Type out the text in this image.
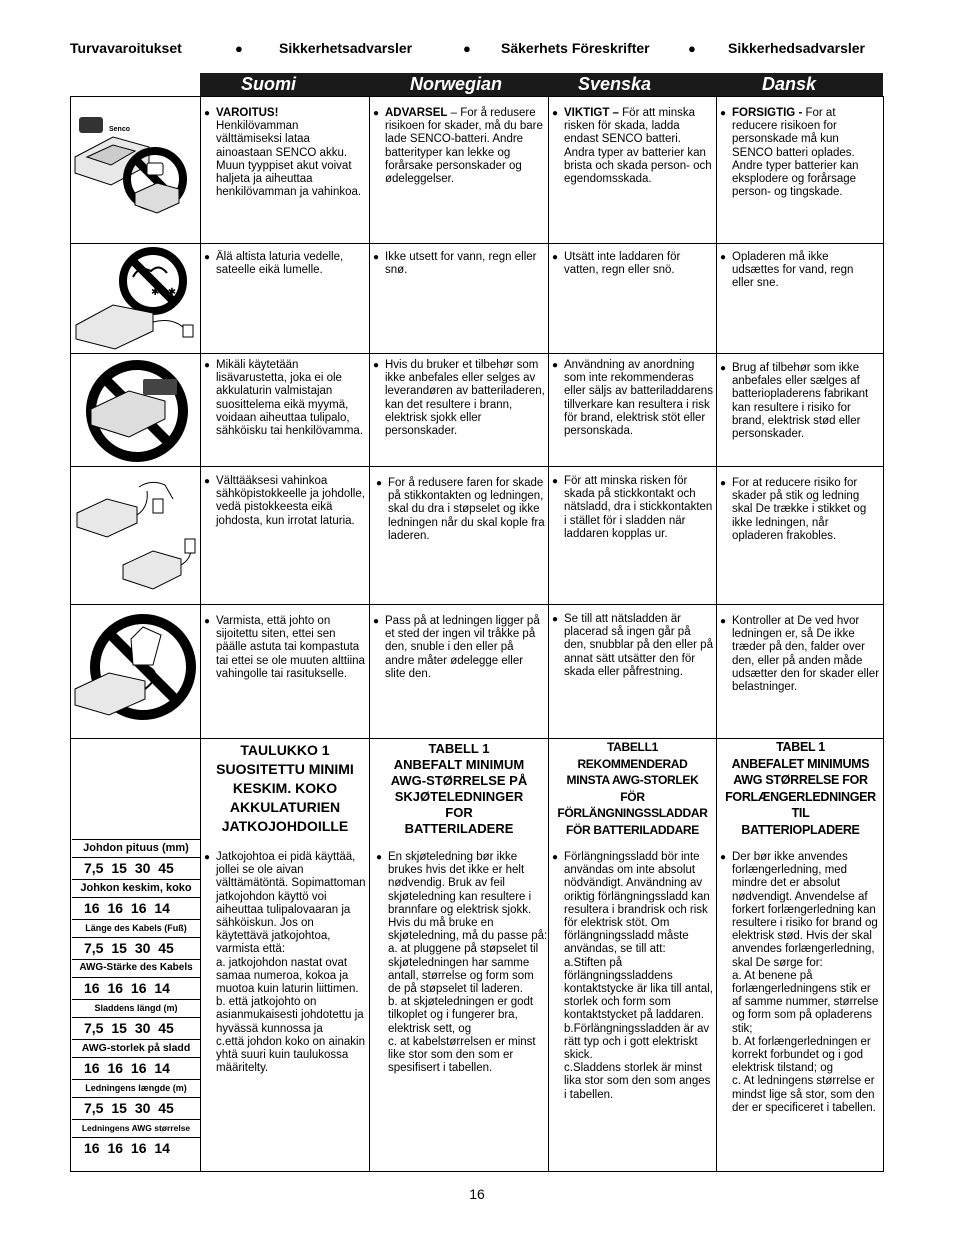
Turvavaroitukset	●	Sikkerhetsadvarsler	● Säkerhets Föreskrifter	● Sikkerhedsadvarsler
Suomi	Norwegian	Svenska	Dansk
Senco
✱✱✱
● VAROITUS!
Henkilövamman välttämiseksi lataa ainoastaan SENCO akku. Muun tyyppiset akut voivat haljeta ja aiheuttaa henkilövamman ja vahinkoa.
● ADVARSEL – For å redusere risikoen for skader, må du bare lade SENCO-batteri. Andre batterityper kan lekke og forårsake personskader og ødeleggelser.
● VIKTIGT – För att minska risken för skada, ladda endast SENCO batteri. Andra typer av batterier kan brista och skada person- och egendomsskada.
● FORSIGTIG - For at reducere risikoen for personskade må kun SENCO batteri oplades. Andre typer batterier kan eksplodere og forårsage person- og tingskade.
● Älä altista laturia vedelle, sateelle eikä lumelle.
● Ikke utsett for vann, regn eller snø.
● Utsätt inte laddaren för vatten, regn eller snö.
● Opladeren må ikke udsættes for vand, regn eller sne.
● Mikäli käytetään lisävarustetta, joka ei ole akkulaturin valmistajan suosittelema eikä myymä, voidaan aiheuttaa tulipalo, sähköisku tai henkilövamma.
● Hvis du bruker et tilbehør som ikke anbefales eller selges av leverandøren av batteriladeren, kan det resultere i brann, elektrisk sjokk eller personskader.
● Användning av anordning som inte rekommenderas eller säljs av batteriladdarens tillverkare kan resultera i risk för brand, elektrisk stöt eller personskada.
● Brug af tilbehør som ikke anbefales eller sælges af batteriopladerens fabrikant kan resultere i risiko for brand, elektrisk stød eller personskader.
● Välttääksesi vahinkoa sähköpistokkeelle ja johdolle, vedä pistokkeesta eikä johdosta, kun irrotat laturia.
● For å redusere faren for skade på stikkontakten og ledningen, skal du dra i støpselet og ikke ledningen når du skal kople fra laderen.
● För att minska risken för skada på stickkontakt och nätsladd, dra i stickkontakten i stället för i sladden när laddaren kopplas ur.
● For at reducere risiko for skader på stik og ledning skal De trække i stikket og ikke ledningen, når opladeren frakobles.
● Varmista, että johto on sijoitettu siten, ettei sen päälle astuta tai kompastuta tai ettei se ole muuten alttiina vahingolle tai rasitukselle.
● Pass på at ledningen ligger på et sted der ingen vil tråkke på den, snuble i den eller på andre måter ødelegge eller slite den.
● Se till att nätsladden är placerad så ingen går på den, snubblar på den eller på annat sätt utsätter den för skada eller påfrestning.
● Kontroller at De ved hvor ledningen er, så De ikke træder på den, falder over den, eller på anden måde udsætter den for skader eller belastninger.
TAULUKKO 1
SUOSITETTU MINIMI
KESKIM. KOKO
AKKULATURIEN
JATKOJOHDOILLE
TABELL 1
ANBEFALT MINIMUM
AWG-STØRRELSE PÅ
SKJØTELEDNINGER
FOR
BATTERILADERE
TABELL1
REKOMMENDERAD
MINSTA AWG-STORLEK
FÖR
FÖRLÄNGNINGSSLADDAR
FÖR BATTERILADDARE
TABEL 1
ANBEFALET MINIMUMS
AWG STØRRELSE FOR
FORLÆNGERLEDNINGER
TIL
BATTERIOPLADERE
Johdon pituus (mm)
7,5 15 30 45
Johkon keskim, koko
16 16 16 14
Länge des Kabels (Fuß)
7,5 15 30 45
AWG-Stärke des Kabels
16 16 16 14
Sladdens längd (m)
7,5 15 30 45
AWG-storlek på sladd
16 16 16 14
Ledningens længde (m)
7,5 15 30 45
Ledningens AWG størrelse
16 16 16 14
● Jatkojohtoa ei pidä käyttää, jollei se ole aivan välttämätöntä. Sopimattoman jatkojohdon käyttö voi aiheuttaa tulipalovaaran ja sähköiskun. Jos on käytettävä jatkojohtoa, varmista että:
a. jatkojohdon nastat ovat samaa numeroa, kokoa ja muotoa kuin laturin liittimen.
b. että jatkojohto on asianmukaisesti johdotettu ja hyvässä kunnossa ja
c.että johdon koko on ainakin yhtä suuri kuin taulukossa määritelty.
● En skjøteledning bør ikke brukes hvis det ikke er helt nødvendig. Bruk av feil skjøteledning kan resultere i brannfare og elektrisk sjokk. Hvis du må bruke en skjøteledning, må du passe på:
a. at pluggene på støpselet til skjøteledningen har samme antall, størrelse og form som de på støpselet til laderen.
b. at skjøteledningen er godt tilkoplet og i fungerer bra, elektrisk sett, og
c. at kabelstørrelsen er minst like stor som den som er spesifisert i tabellen.
● Förlängningssladd bör inte användas om inte absolut nödvändigt. Användning av oriktig förlängningssladd kan resultera i brandrisk och risk för elektrisk stöt. Om förlängningssladd måste användas, se till att:
a.Stiften på förlängningssladdens kontaktstycke är lika till antal, storlek och form som kontaktstycket på laddaren.
b.Förlängningssladden är av rätt typ och i gott elektriskt skick.
c.Sladdens storlek är minst lika stor som den som anges i tabellen.
● Der bør ikke anvendes forlængerledning, med mindre det er absolut nødvendigt. Anvendelse af forkert forlængerledning kan resultere i risiko for brand og elektrisk stød. Hvis der skal anvendes forlængerledning, skal De sørge for:
a. At benene på forlængerledningens stik er af samme nummer, størrelse og form som på opladerens stik;
b. At forlængerledningen er korrekt forbundet og i god elektrisk tilstand; og
c. At ledningens størrelse er mindst lige så stor, som den der er specificeret i tabellen.
16
